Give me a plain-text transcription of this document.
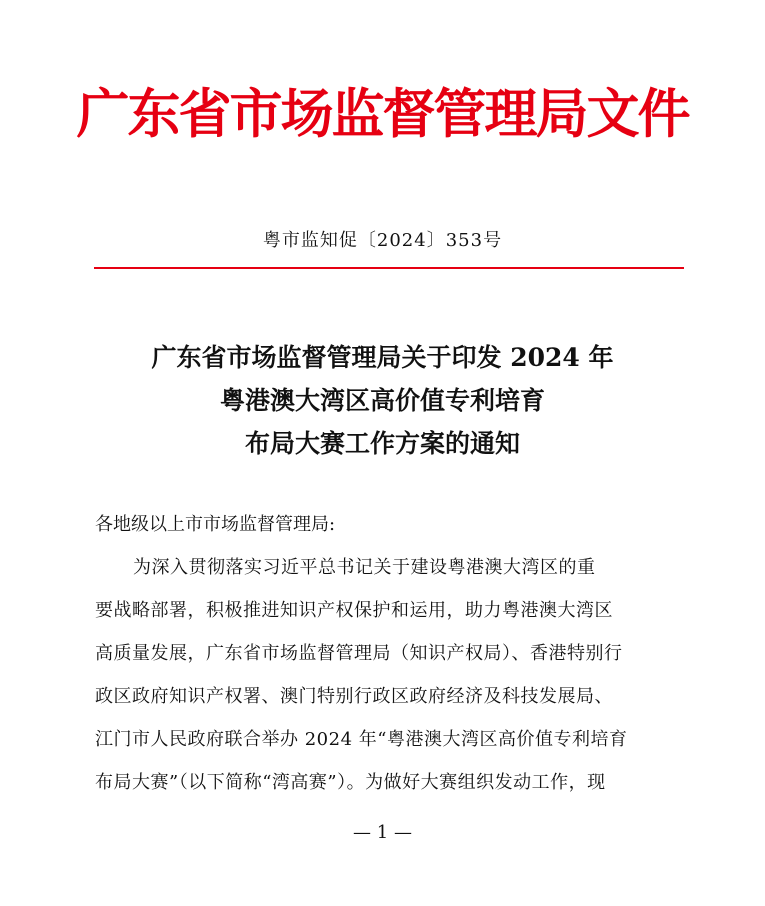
广东省市场监督管理局文件
粤市监知促〔2024〕353号
广东省市场监督管理局关于印发 2024 年
粤港澳大湾区高价值专利培育
布局大赛工作方案的通知
各地级以上市市场监督管理局:
为深入贯彻落实习近平总书记关于建设粤港澳大湾区的重
要战略部署，积极推进知识产权保护和运用，助力粤港澳大湾区
高质量发展，广东省市场监督管理局（知识产权局）、香港特别行
政区政府知识产权署、澳门特别行政区政府经济及科技发展局、
江门市人民政府联合举办 2024 年“粤港澳大湾区高价值专利培育
布局大赛”（以下简称“湾高赛”）。为做好大赛组织发动工作，现
— 1 —
